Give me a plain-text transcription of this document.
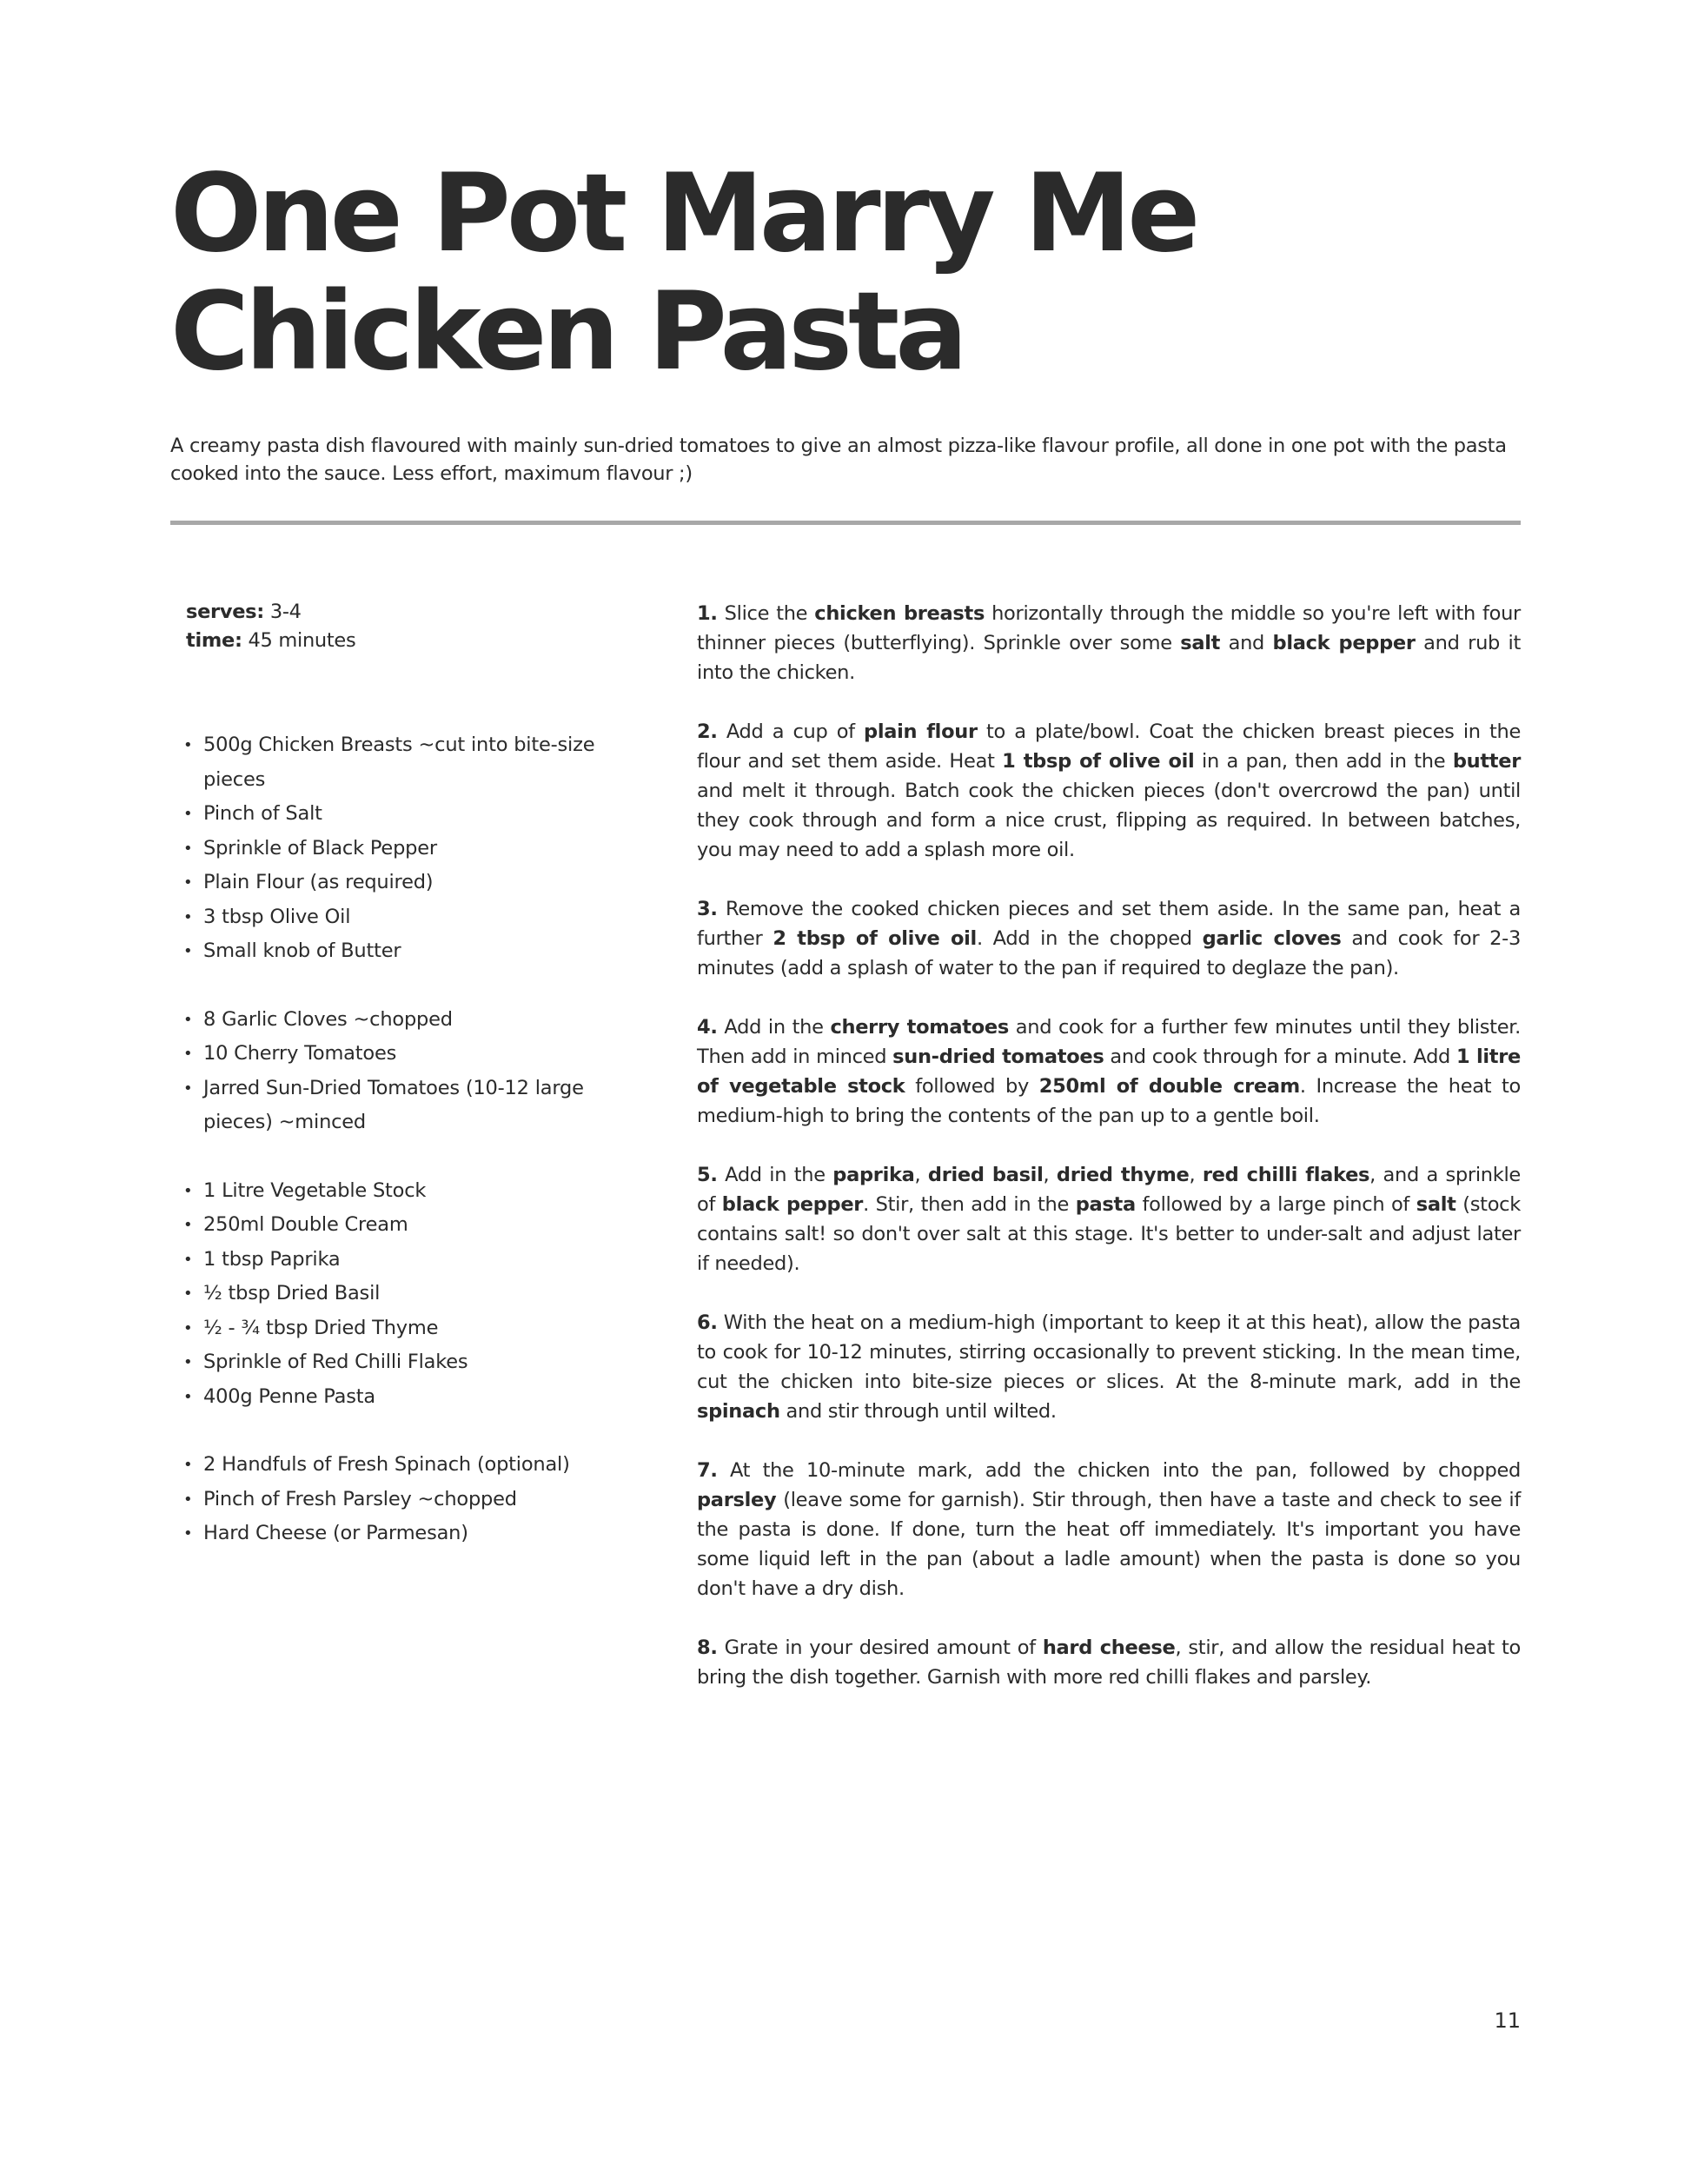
One Pot Marry Me
Chicken Pasta

A creamy pasta dish flavoured with mainly sun-dried tomatoes to give an almost pizza-like flavour profile, all done in one pot with the pasta cooked into the sauce. Less effort, maximum flavour ;)

serves: 3-4
time: 45 minutes
• 500g Chicken Breasts ~cut into bite-size pieces
• Pinch of Salt
• Sprinkle of Black Pepper
• Plain Flour (as required)
• 3 tbsp Olive Oil
• Small knob of Butter
• 8 Garlic Cloves ~chopped
• 10 Cherry Tomatoes
• Jarred Sun-Dried Tomatoes (10-12 large pieces) ~minced
• 1 Litre Vegetable Stock
• 250ml Double Cream
• 1 tbsp Paprika
• ½ tbsp Dried Basil
• ½ - ¾ tbsp Dried Thyme
• Sprinkle of Red Chilli Flakes
• 400g Penne Pasta
• 2 Handfuls of Fresh Spinach (optional)
• Pinch of Fresh Parsley ~chopped
• Hard Cheese (or Parmesan)

1. Slice the chicken breasts horizontally through the middle so you're left with four thinner pieces (butterflying). Sprinkle over some salt and black pepper and rub it into the chicken.

2. Add a cup of plain flour to a plate/bowl. Coat the chicken breast pieces in the flour and set them aside. Heat 1 tbsp of olive oil in a pan, then add in the butter and melt it through. Batch cook the chicken pieces (don't overcrowd the pan) until they cook through and form a nice crust, flipping as required. In between batches, you may need to add a splash more oil.

3. Remove the cooked chicken pieces and set them aside. In the same pan, heat a further 2 tbsp of olive oil. Add in the chopped garlic cloves and cook for 2-3 minutes (add a splash of water to the pan if required to deglaze the pan).

4. Add in the cherry tomatoes and cook for a further few minutes until they blister. Then add in minced sun-dried tomatoes and cook through for a minute. Add 1 litre of vegetable stock followed by 250ml of double cream. Increase the heat to medium-high to bring the contents of the pan up to a gentle boil.

5. Add in the paprika, dried basil, dried thyme, red chilli flakes, and a sprinkle of black pepper. Stir, then add in the pasta followed by a large pinch of salt (stock contains salt! so don't over salt at this stage. It's better to under-salt and adjust later if needed).

6. With the heat on a medium-high (important to keep it at this heat), allow the pasta to cook for 10-12 minutes, stirring occasionally to prevent sticking. In the mean time, cut the chicken into bite-size pieces or slices. At the 8-minute mark, add in the spinach and stir through until wilted.

7. At the 10-minute mark, add the chicken into the pan, followed by chopped parsley (leave some for garnish). Stir through, then have a taste and check to see if the pasta is done. If done, turn the heat off immediately. It's important you have some liquid left in the pan (about a ladle amount) when the pasta is done so you don't have a dry dish.

8. Grate in your desired amount of hard cheese, stir, and allow the residual heat to bring the dish together. Garnish with more red chilli flakes and parsley.

11
